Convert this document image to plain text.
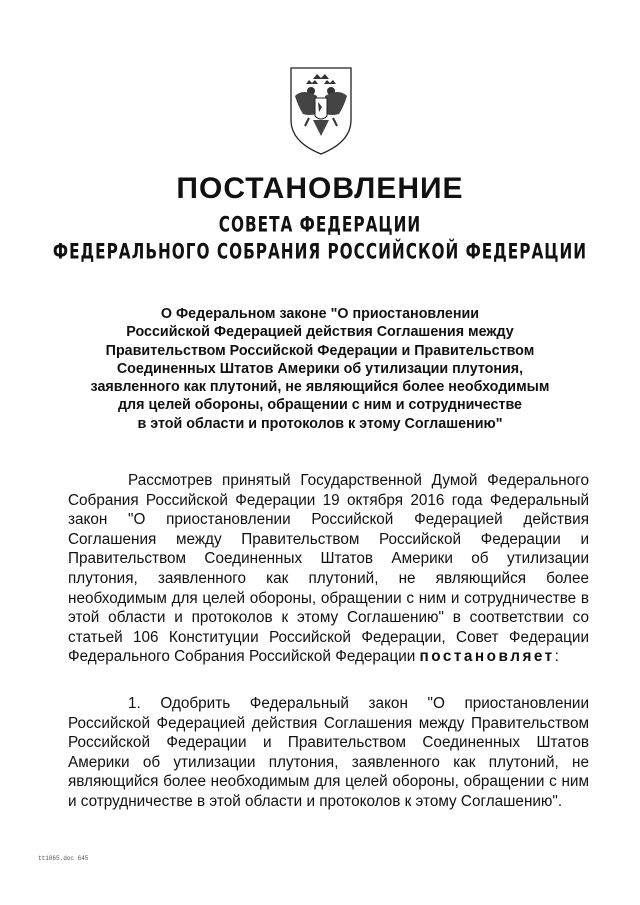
ПОСТАНОВЛЕНИЕ
СОВЕТА ФЕДЕРАЦИИ
ФЕДЕРАЛЬНОГО СОБРАНИЯ РОССИЙСКОЙ ФЕДЕРАЦИИ
О Федеральном законе "О приостановлении
Российской Федерацией действия Соглашения между
Правительством Российской Федерации и Правительством
Соединенных Штатов Америки об утилизации плутония,
заявленного как плутоний, не являющийся более необходимым
для целей обороны, обращении с ним и сотрудничестве
в этой области и протоколов к этому Соглашению"
Рассмотрев принятый Государственной Думой Федерального Собрания Российской Федерации 19 октября 2016 года Федеральный закон "О приостановлении Российской Федерацией действия Соглашения между Правительством Российской Федерации и Правительством Соединенных Штатов Америки об утилизации плутония, заявленного как плутоний, не являющийся более необходимым для целей обороны, обращении с ним и сотрудничестве в этой области и протоколов к этому Соглашению" в соответствии со статьей 106 Конституции Российской Федерации, Совет Федерации Федерального Собрания Российской Федерации постановляет:
1. Одобрить Федеральный закон "О приостановлении Российской Федерацией действия Соглашения между Правительством Российской Федерации и Правительством Соединенных Штатов Америки об утилизации плутония, заявленного как плутоний, не являющийся более необходимым для целей обороны, обращении с ним и сотрудничестве в этой области и протоколов к этому Соглашению".
tt1065.doc 645
